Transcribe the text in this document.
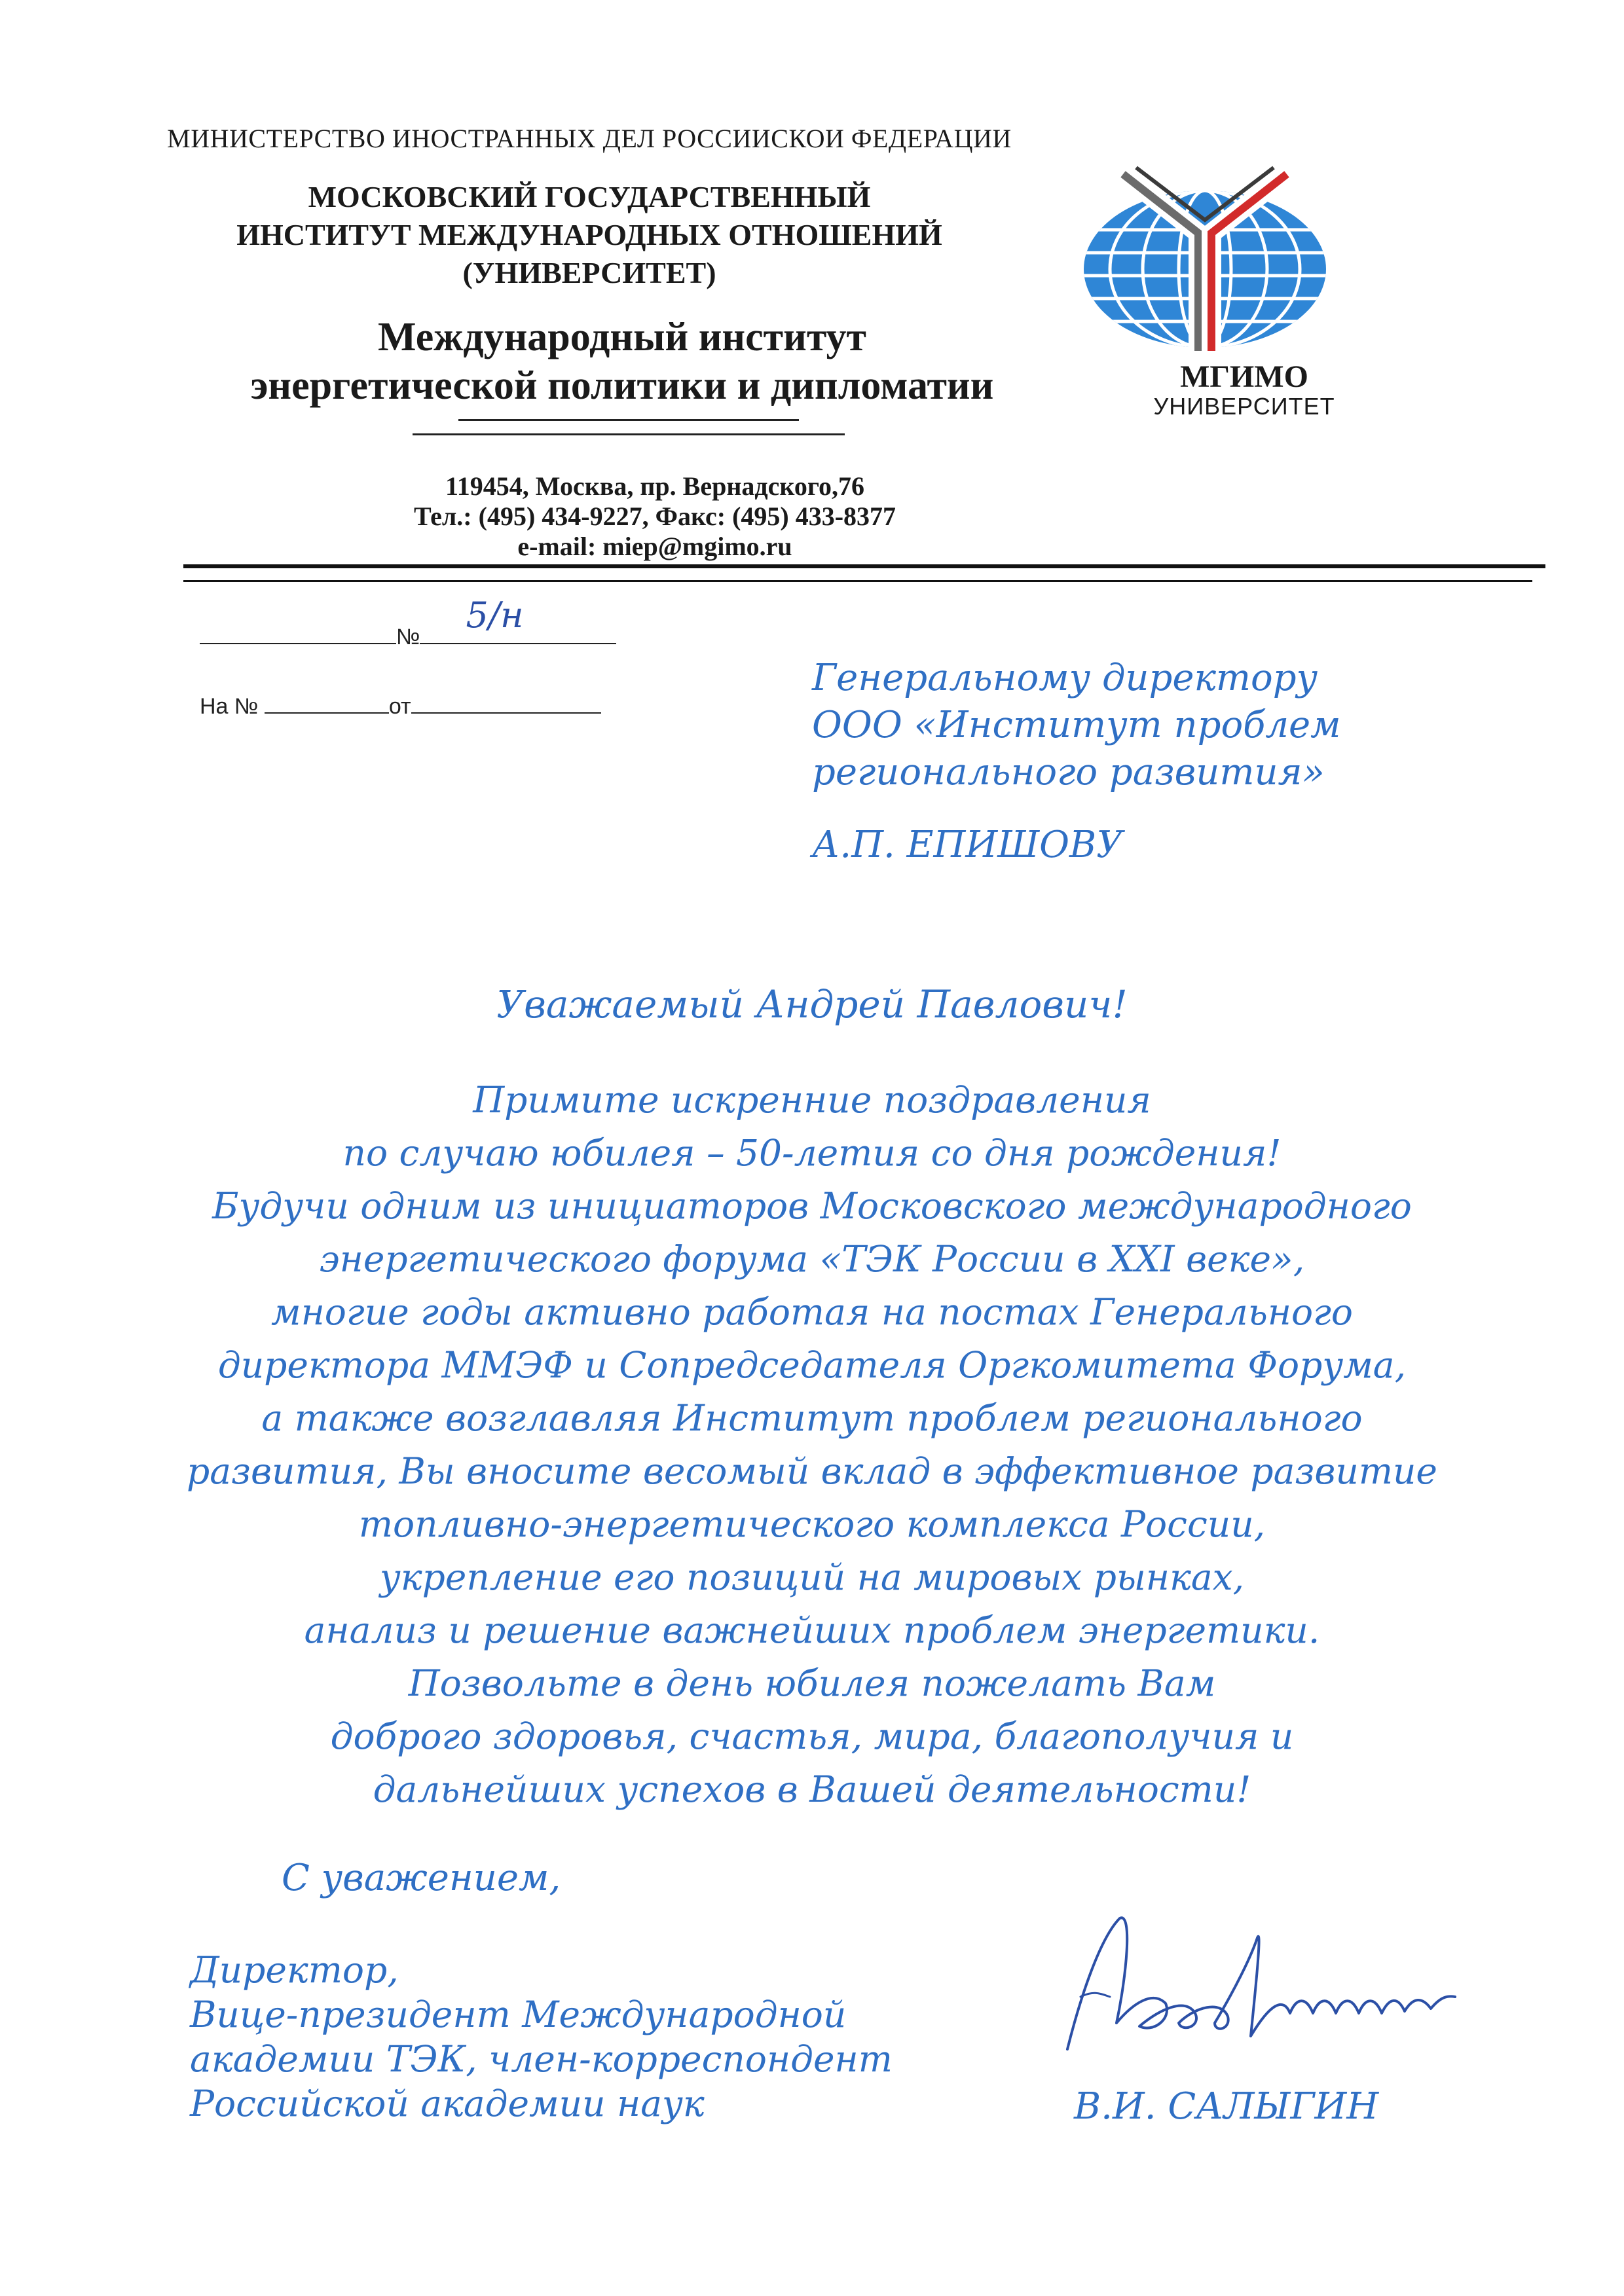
МИНИСТЕРСТВО ИНОСТРАННЫХ ДЕЛ РОССИИСКОИ ФЕДЕРАЦИИ
МОСКОВСКИЙ ГОСУДАРСТВЕННЫЙ
ИНСТИТУТ МЕЖДУНАРОДНЫХ ОТНОШЕНИЙ
(УНИВЕРСИТЕТ)
Международный институт
энергетической политики и дипломатии
119454, Москва, пр. Вернадского,76
Тел.: (495) 434-9227, Факс: (495) 433-8377
e-mail: miep@mgimo.ru
МГИМО
УНИВЕРСИТЕТ
№
5/н
На №	от
Генеральному директору
ООО «Институт проблем
регионального развития»
А.П. ЕПИШОВУ
Уважаемый Андрей Павлович!
Примите искренние поздравления
по случаю юбилея – 50-летия со дня рождения!
Будучи одним из инициаторов Московского международного
энергетического форума «ТЭК России в XXI веке»,
многие годы активно работая на постах Генерального
директора ММЭФ и Сопредседателя Оргкомитета Форума,
а также возглавляя Институт проблем регионального
развития, Вы вносите весомый вклад в эффективное развитие
топливно-энергетического комплекса России,
укрепление его позиций на мировых рынках,
анализ и решение важнейших проблем энергетики.
Позвольте в день юбилея пожелать Вам
доброго здоровья, счастья, мира, благополучия и
дальнейших успехов в Вашей деятельности!
С уважением,
Директор,
Вице-президент Международной
академии ТЭК, член-корреспондент
Российской академии наук	В.И. САЛЫГИН
